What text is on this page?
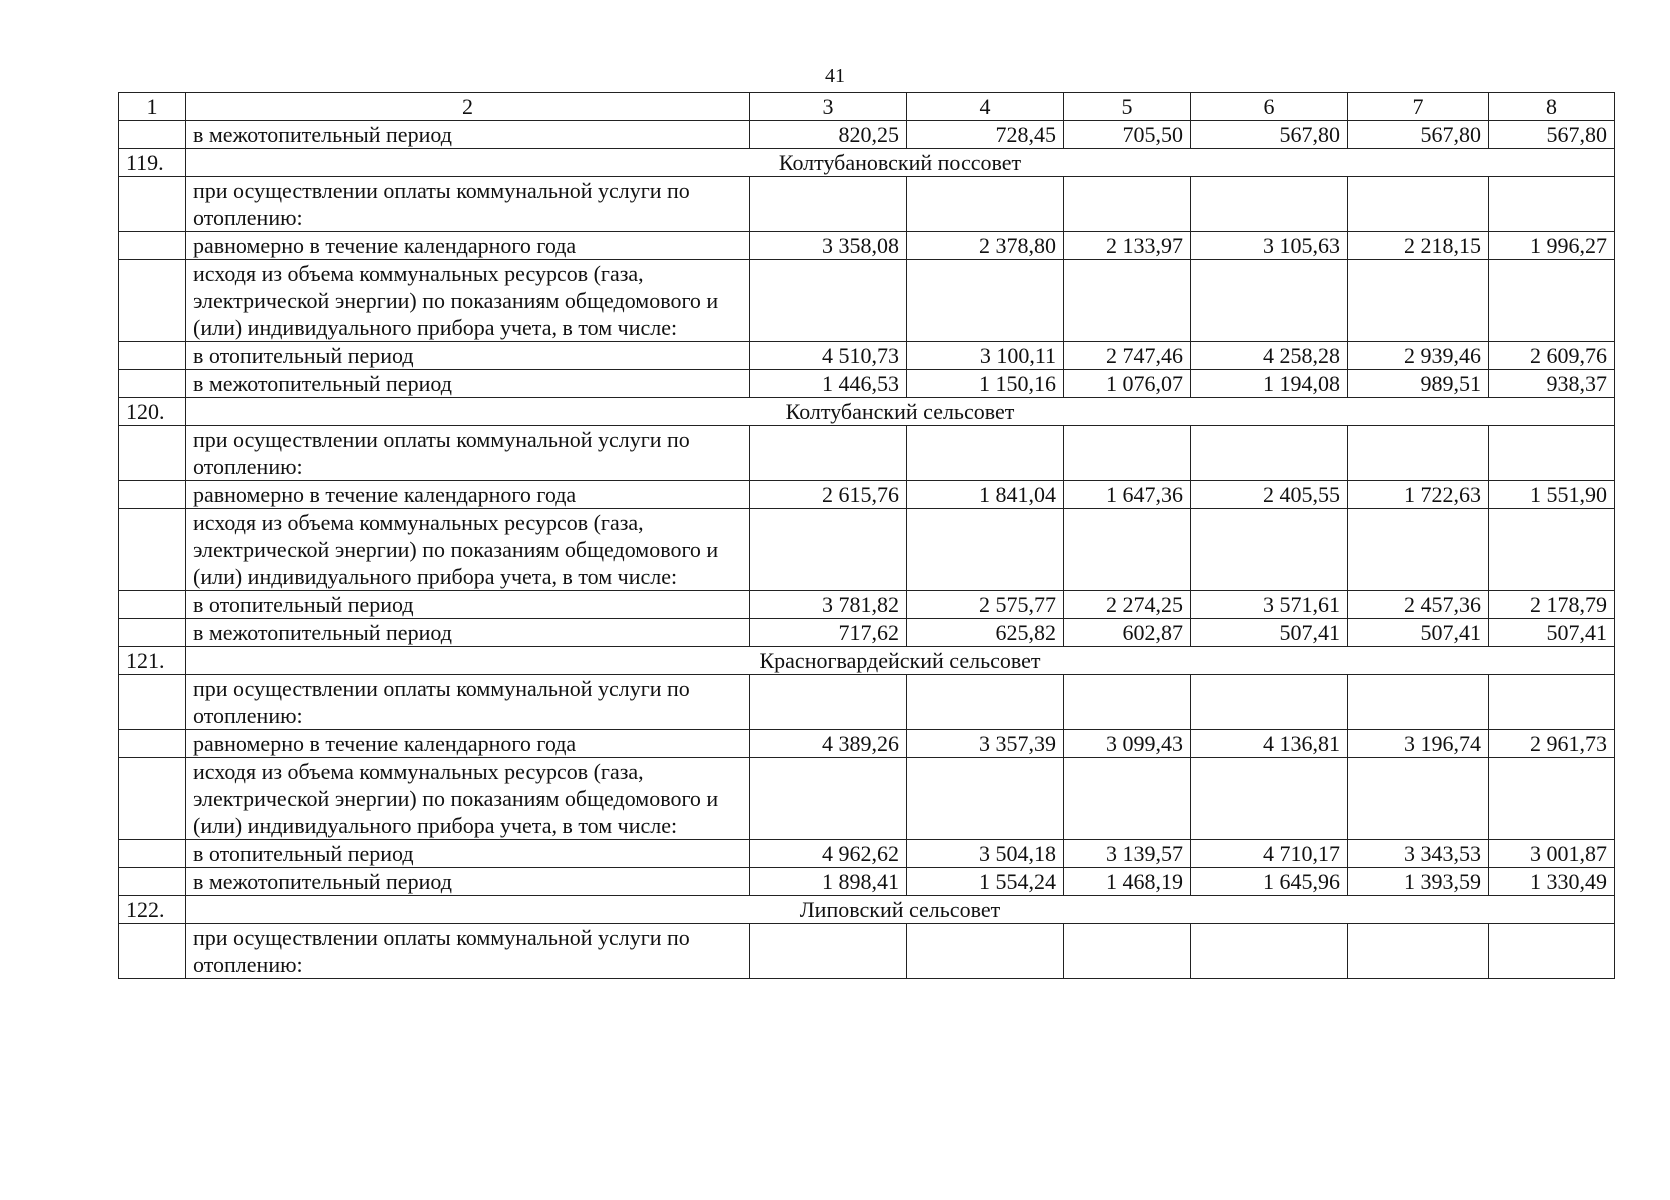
41
1	2	3	4	5	6	7	8
	в межотопительный период	820,25	728,45	705,50	567,80	567,80	567,80
119.	Колтубановский поссовет						
	при осуществлении оплаты коммунальной услуги по отоплению:						
	равномерно в течение календарного года	3 358,08	2 378,80	2 133,97	3 105,63	2 218,15	1 996,27
	исходя из объема коммунальных ресурсов (газа, электрической энергии) по показаниям общедомового и (или) индивидуального прибора учета, в том числе:						
	в отопительный период	4 510,73	3 100,11	2 747,46	4 258,28	2 939,46	2 609,76
	в межотопительный период	1 446,53	1 150,16	1 076,07	1 194,08	989,51	938,37
120.	Колтубанский сельсовет						
	при осуществлении оплаты коммунальной услуги по отоплению:						
	равномерно в течение календарного года	2 615,76	1 841,04	1 647,36	2 405,55	1 722,63	1 551,90
	исходя из объема коммунальных ресурсов (газа, электрической энергии) по показаниям общедомового и (или) индивидуального прибора учета, в том числе:						
	в отопительный период	3 781,82	2 575,77	2 274,25	3 571,61	2 457,36	2 178,79
	в межотопительный период	717,62	625,82	602,87	507,41	507,41	507,41
121.	Красногвардейский сельсовет						
	при осуществлении оплаты коммунальной услуги по отоплению:						
	равномерно в течение календарного года	4 389,26	3 357,39	3 099,43	4 136,81	3 196,74	2 961,73
	исходя из объема коммунальных ресурсов (газа, электрической энергии) по показаниям общедомового и (или) индивидуального прибора учета, в том числе:						
	в отопительный период	4 962,62	3 504,18	3 139,57	4 710,17	3 343,53	3 001,87
	в межотопительный период	1 898,41	1 554,24	1 468,19	1 645,96	1 393,59	1 330,49
122.	Липовский сельсовет						
	при осуществлении оплаты коммунальной услуги по отоплению:						
